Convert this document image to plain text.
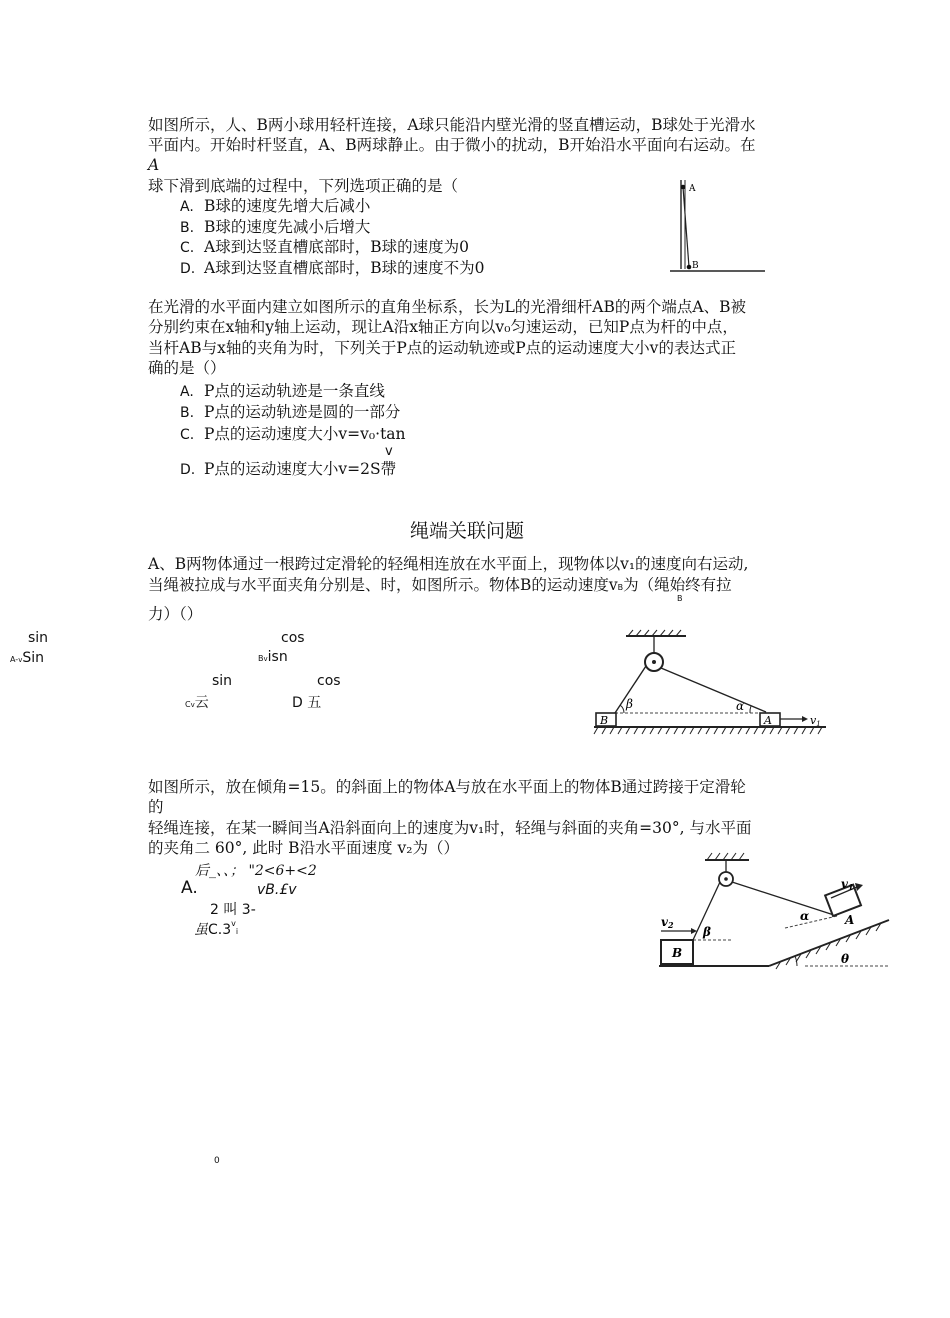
如图所示，人、B两小球用轻杆连接，A球只能沿内壁光滑的竖直槽运动，B球处于光滑水
平面内。开始时杆竖直，A、B两球静止。由于微小的扰动，B开始沿水平面向右运动。在
A
球下滑到底端的过程中，下列选项正确的是（
A. B球的速度先增大后减小
B. B球的速度先减小后增大
C. A球到达竖直槽底部时，B球的速度为0
D. A球到达竖直槽底部时，B球的速度不为0
A
B
在光滑的水平面内建立如图所示的直角坐标系，长为L的光滑细杆AB的两个端点A、B被
分别约束在x轴和y轴上运动，现让A沿x轴正方向以v₀匀速运动，已知P点为杆的中点，
当杆AB与x轴的夹角为时，下列关于P点的运动轨迹或P点的运动速度大小v的表达式正
确的是（）
A. P点的运动轨迹是一条直线
B. P点的运动轨迹是圆的一部分
C. P点的运动速度大小v=v₀·tan
v
D. P点的运动速度大小v=2S帶
绳端关联问题
A、B两物体通过一根跨过定滑轮的轻绳相连放在水平面上，现物体以v₁的速度向右运动,
当绳被拉成与水平面夹角分别是、时，如图所示。物体B的运动速度vB为（绳始终有拉
B
力）（）
sin
A-vSin
cos
Bvisn
sin	cos
Cv云	D 五
B	A
β	α
v1
如图所示，放在倾角=15。的斜面上的物体A与放在水平面上的物体B通过跨接于定滑轮
的
轻绳连接，在某一瞬间当A沿斜面向上的速度为v₁时，轻绳与斜面的夹角=30°, 与水平面
的夹角二 60°, 此时 B沿水平面速度 v₂为（）
后_、、； "2<6+<2
A.	vB.£v
2 叫 3-
虽C.3$^v$i
B
v2 β
A
α
v1
θ
0
